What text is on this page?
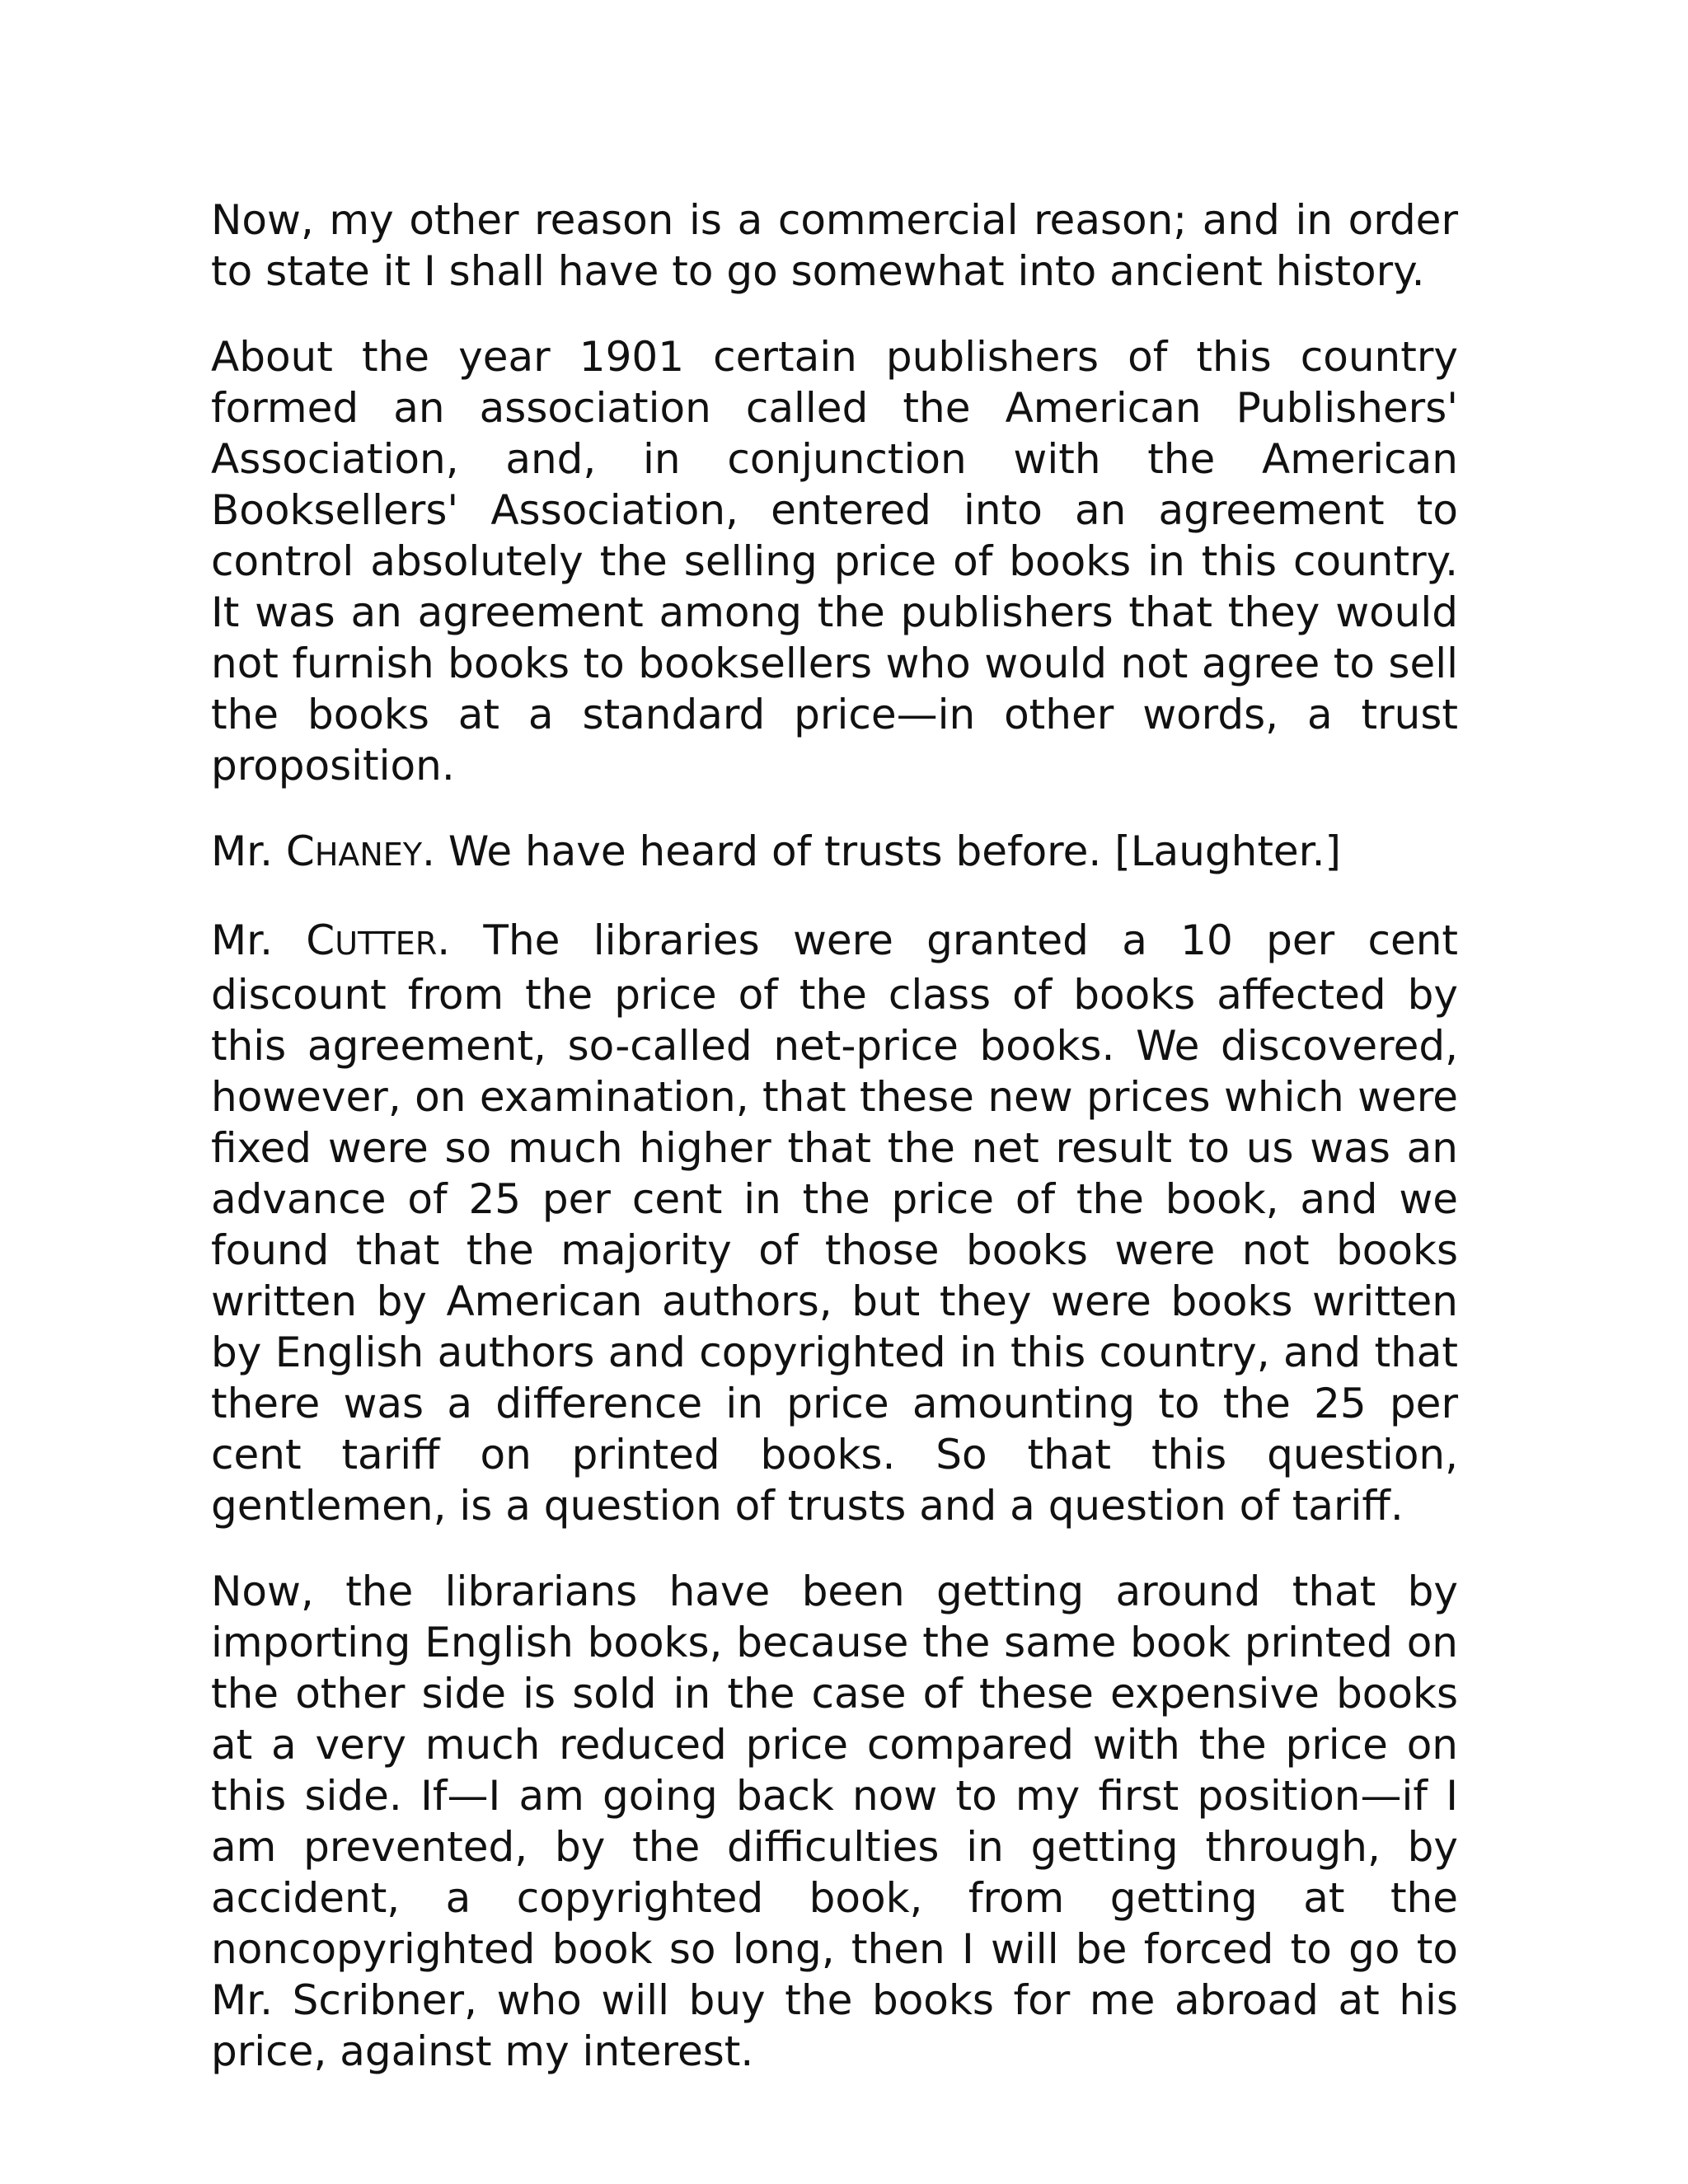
Now, my other reason is a commercial reason; and in order to state it I shall have to go somewhat into ancient history.

About the year 1901 certain publishers of this country formed an association called the American Publishers' Association, and, in conjunction with the American Booksellers' Association, entered into an agreement to control absolutely the selling price of books in this country. It was an agreement among the publishers that they would not furnish books to booksellers who would not agree to sell the books at a standard price—in other words, a trust proposition.

Mr. CHANEY. We have heard of trusts before. [Laughter.]

Mr. CUTTER. The libraries were granted a 10 per cent discount from the price of the class of books affected by this agreement, so-called net-price books. We discovered, however, on examination, that these new prices which were fixed were so much higher that the net result to us was an advance of 25 per cent in the price of the book, and we found that the majority of those books were not books written by American authors, but they were books written by English authors and copyrighted in this country, and that there was a difference in price amounting to the 25 per cent tariff on printed books. So that this question, gentlemen, is a question of trusts and a question of tariff.

Now, the librarians have been getting around that by importing English books, because the same book printed on the other side is sold in the case of these expensive books at a very much reduced price compared with the price on this side. If—I am going back now to my first position—if I am prevented, by the difficulties in getting through, by accident, a copyrighted book, from getting at the noncopyrighted book so long, then I will be forced to go to Mr. Scribner, who will buy the books for me abroad at his price, against my interest.
